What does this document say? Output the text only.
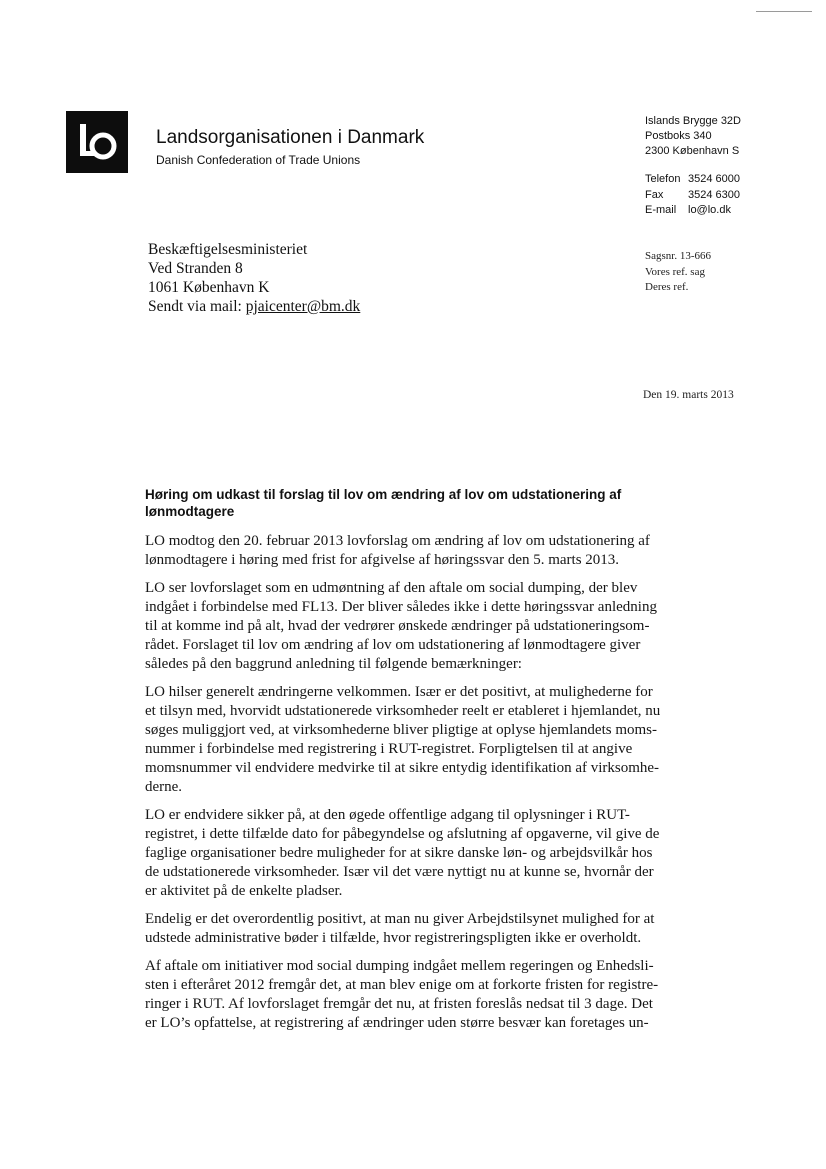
Landsorganisationen i Danmark

Danish Confederation of Trade Unions

Islands Brygge 32D
Postboks 340
2300 København S
Telefon 3524 6000
Fax 3524 6300
E-mail lo@lo.dk
Beskæftigelsesministeriet
Ved Stranden 8
1061 København K
Sendt via mail: pjaicenter@bm.dk
Sagsnr. 13-666
Vores ref. sag
Deres ref.
Den 19. marts 2013

Høring om udkast til forslag til lov om ændring af lov om udstationering af lønmodtagere

LO modtog den 20. februar 2013 lovforslag om ændring af lov om udstationering af
lønmodtagere i høring med frist for afgivelse af høringssvar den 5. marts 2013.

LO ser lovforslaget som en udmøntning af den aftale om social dumping, der blev
indgået i forbindelse med FL13. Der bliver således ikke i dette høringssvar anledning
til at komme ind på alt, hvad der vedrører ønskede ændringer på udstationeringsom-
rådet. Forslaget til lov om ændring af lov om udstationering af lønmodtagere giver
således på den baggrund anledning til følgende bemærkninger:

LO hilser generelt ændringerne velkommen. Især er det positivt, at mulighederne for
et tilsyn med, hvorvidt udstationerede virksomheder reelt er etableret i hjemlandet, nu
søges muliggjort ved, at virksomhederne bliver pligtige at oplyse hjemlandets moms-
nummer i forbindelse med registrering i RUT-registret. Forpligtelsen til at angive
momsnummer vil endvidere medvirke til at sikre entydig identifikation af virksomhe-
derne.

LO er endvidere sikker på, at den øgede offentlige adgang til oplysninger i RUT-
registret, i dette tilfælde dato for påbegyndelse og afslutning af opgaverne, vil give de
faglige organisationer bedre muligheder for at sikre danske løn- og arbejdsvilkår hos
de udstationerede virksomheder. Især vil det være nyttigt nu at kunne se, hvornår der
er aktivitet på de enkelte pladser.

Endelig er det overordentlig positivt, at man nu giver Arbejdstilsynet mulighed for at
udstede administrative bøder i tilfælde, hvor registreringspligten ikke er overholdt.

Af aftale om initiativer mod social dumping indgået mellem regeringen og Enhedsli-
sten i efteråret 2012 fremgår det, at man blev enige om at forkorte fristen for registre-
ringer i RUT. Af lovforslaget fremgår det nu, at fristen foreslås nedsat til 3 dage. Det
er LO’s opfattelse, at registrering af ændringer uden større besvær kan foretages un-
